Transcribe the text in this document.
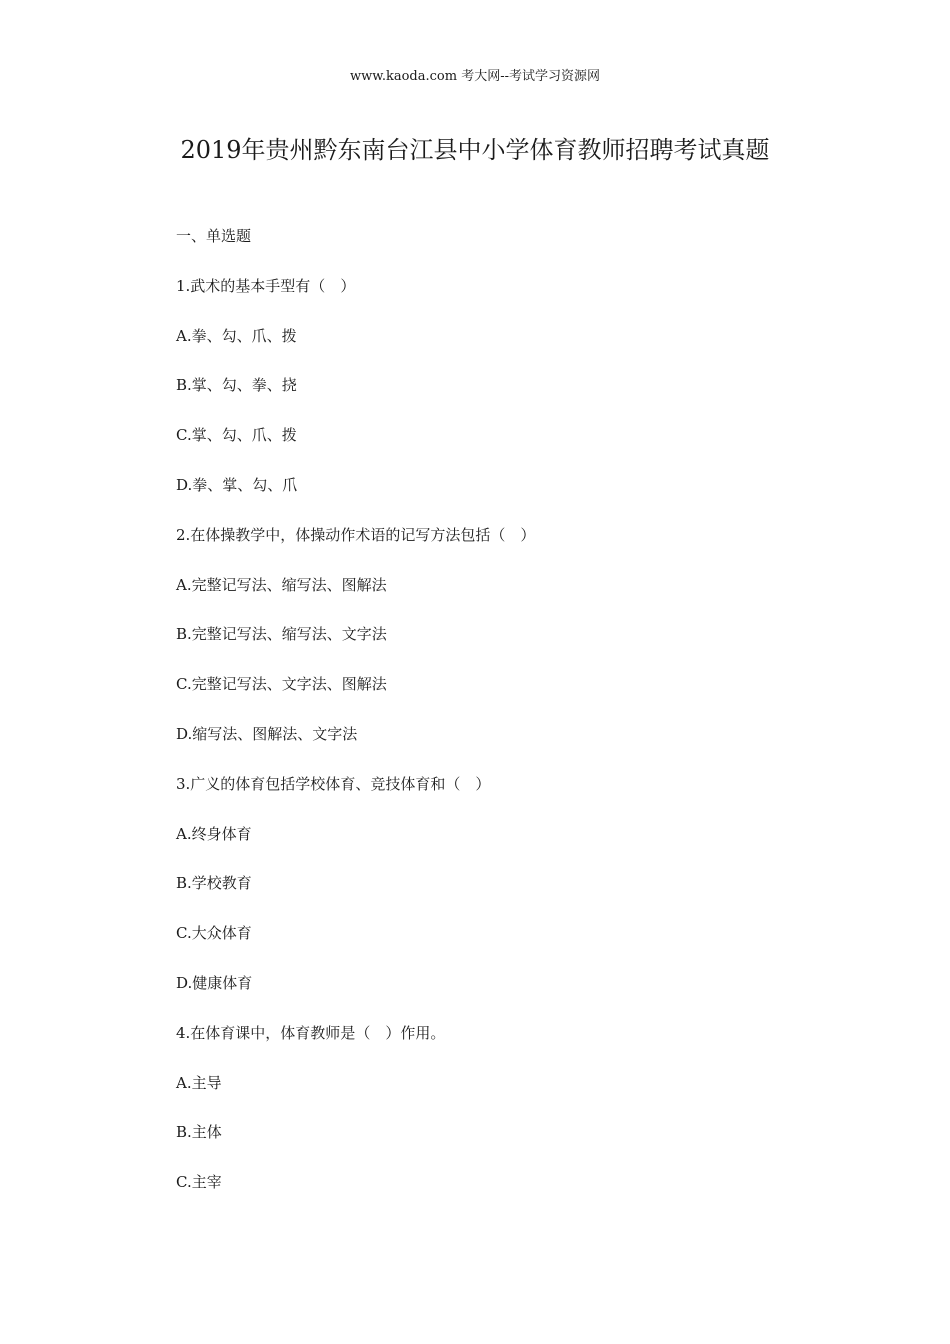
www.kaoda.com 考大网--考试学习资源网
2019年贵州黔东南台江县中小学体育教师招聘考试真题
一、单选题
1.武术的基本手型有（　）
A.拳、勾、爪、拨
B.掌、勾、拳、挠
C.掌、勾、爪、拨
D.拳、掌、勾、爪
2.在体操教学中，体操动作术语的记写方法包括（　）
A.完整记写法、缩写法、图解法
B.完整记写法、缩写法、文字法
C.完整记写法、文字法、图解法
D.缩写法、图解法、文字法
3.广义的体育包括学校体育、竞技体育和（　）
A.终身体育
B.学校教育
C.大众体育
D.健康体育
4.在体育课中，体育教师是（　）作用。
A.主导
B.主体
C.主宰
